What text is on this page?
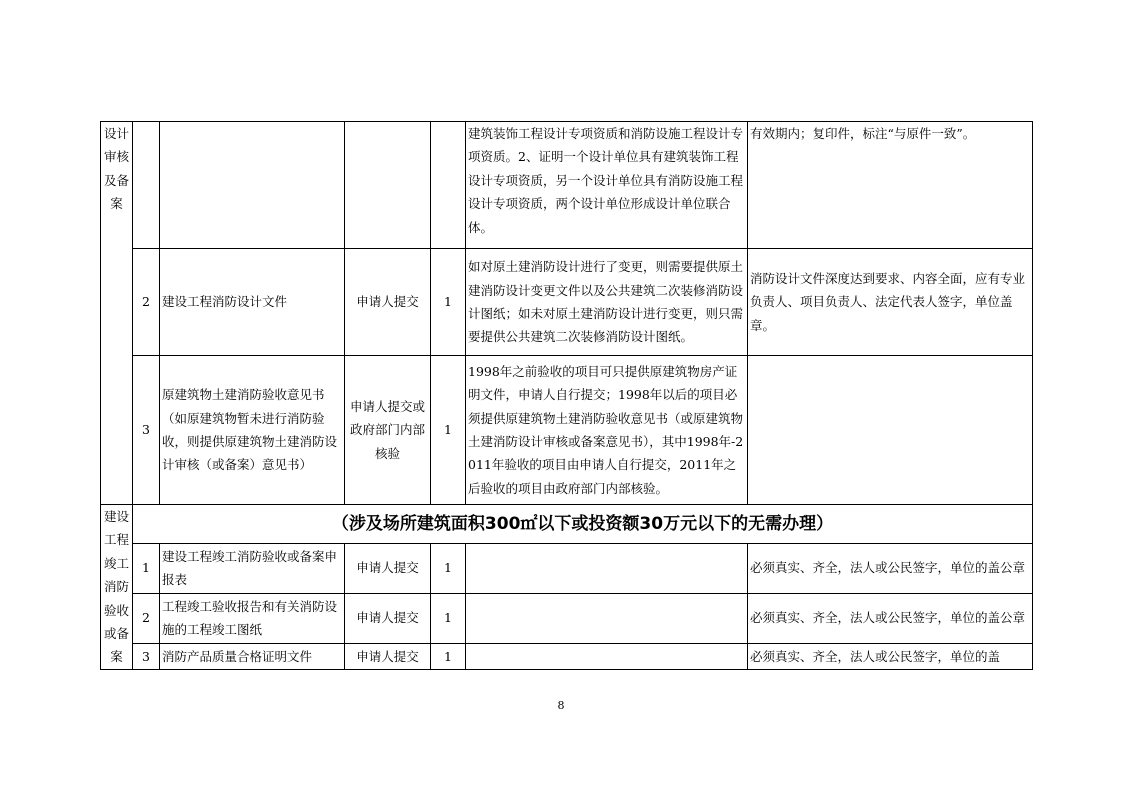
设计审核及备案					建筑装饰工程设计专项资质和消防设施工程设计专项资质。2、证明一个设计单位具有建筑装饰工程设计专项资质，另一个设计单位具有消防设施工程设计专项资质，两个设计单位形成设计单位联合体。	有效期内；复印件，标注“与原件一致”。
	2	建设工程消防设计文件	申请人提交	1	如对原土建消防设计进行了变更，则需要提供原土建消防设计变更文件以及公共建筑二次装修消防设计图纸；如未对原土建消防设计进行变更，则只需要提供公共建筑二次装修消防设计图纸。	消防设计文件深度达到要求、内容全面，应有专业负责人、项目负责人、法定代表人签字，单位盖章。
	3	原建筑物土建消防验收意见书（如原建筑物暂未进行消防验收，则提供原建筑物土建消防设计审核（或备案）意见书）	申请人提交或政府部门内部核验	1	1998年之前验收的项目可只提供原建筑物房产证明文件，申请人自行提交；1998年以后的项目必须提供原建筑物土建消防验收意见书（或原建筑物土建消防设计审核或备案意见书），其中1998年-2011年验收的项目由申请人自行提交，2011年之后验收的项目由政府部门内部核验。	

建设工程竣工消防验收或备案	（涉及场所建筑面积300㎡以下或投资额30万元以下的无需办理）					
	1	建设工程竣工消防验收或备案申报表	申请人提交	1		必须真实、齐全，法人或公民签字，单位的盖公章
	2	工程竣工验收报告和有关消防设施的工程竣工图纸	申请人提交	1		必须真实、齐全，法人或公民签字，单位的盖公章
	3	消防产品质量合格证明文件	申请人提交	1		必须真实、齐全，法人或公民签字，单位的盖
8
